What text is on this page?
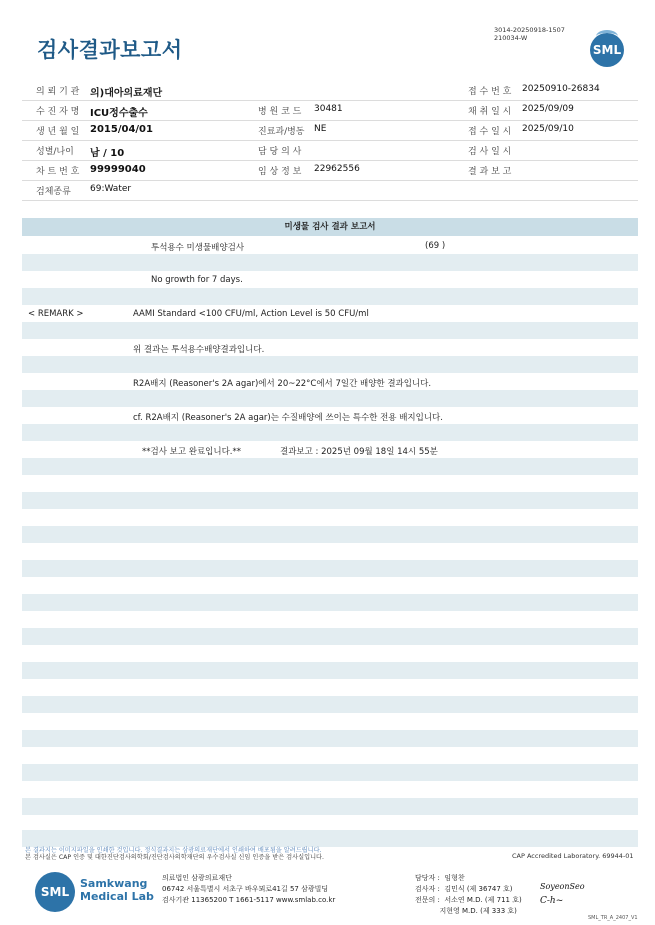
검사결과보고서
3014-20250918-1507
210034-W
SML
의 뢰 기 관 의)대아의료재단	접 수 번 호 20250910-26834
수 진 자 명 ICU정수출수	병 원 코 드 30481	채 취 일 시 2025/09/09
생 년 월 일 2015/04/01	진료과/병동 NE	접 수 일 시 2025/09/10
성별/나이 남 / 10	담 당 의 사	검 사 일 시
차 트 번 호 99999040	임 상 정 보 22962556	결 과 보 고
검체종류 69:Water
미생물 검사 결과 보고서
투석용수 미생물배양검사	(69 )
No growth for 7 days.
< REMARK >	AAMI Standard <100 CFU/ml, Action Level is 50 CFU/ml
위 결과는 투석용수배양결과입니다.
R2A배지 (Reasoner's 2A agar)에서 20~22°C에서 7일간 배양한 결과입니다.
cf. R2A배지 (Reasoner's 2A agar)는 수질배양에 쓰이는 특수한 전용 배지입니다.
**검사 보고 완료입니다.**	결과보고 : 2025년 09월 18일 14시 55분
본 결과지는 이미지파일을 인쇄한 것입니다. 정식결과지는 삼광의료재단에서 인쇄하여 배포됨을 알려드립니다.
본 검사실은 CAP 인증 및 대한진단검사의학회/진단검사의학재단의 우수검사실 신임 인증을 받은 검사실입니다.	CAP Accredited Laboratory. 69944-01
SML
Samkwang
Medical Lab
의료법인 삼광의료재단
06742 서울특별시 서초구 바우뫼로41길 57 삼광빌딩
검사기관 11365200 T 1661-5117 www.smlab.co.kr
담당자 :  임형찬
검사자 :  김민식 (제 36747 호)
전문의 :  서소연 M.D. (제 711 호)
지현영 M.D. (제 333 호)
SoyeonSeo
C-h~
SML_TR_A_2407_V1
